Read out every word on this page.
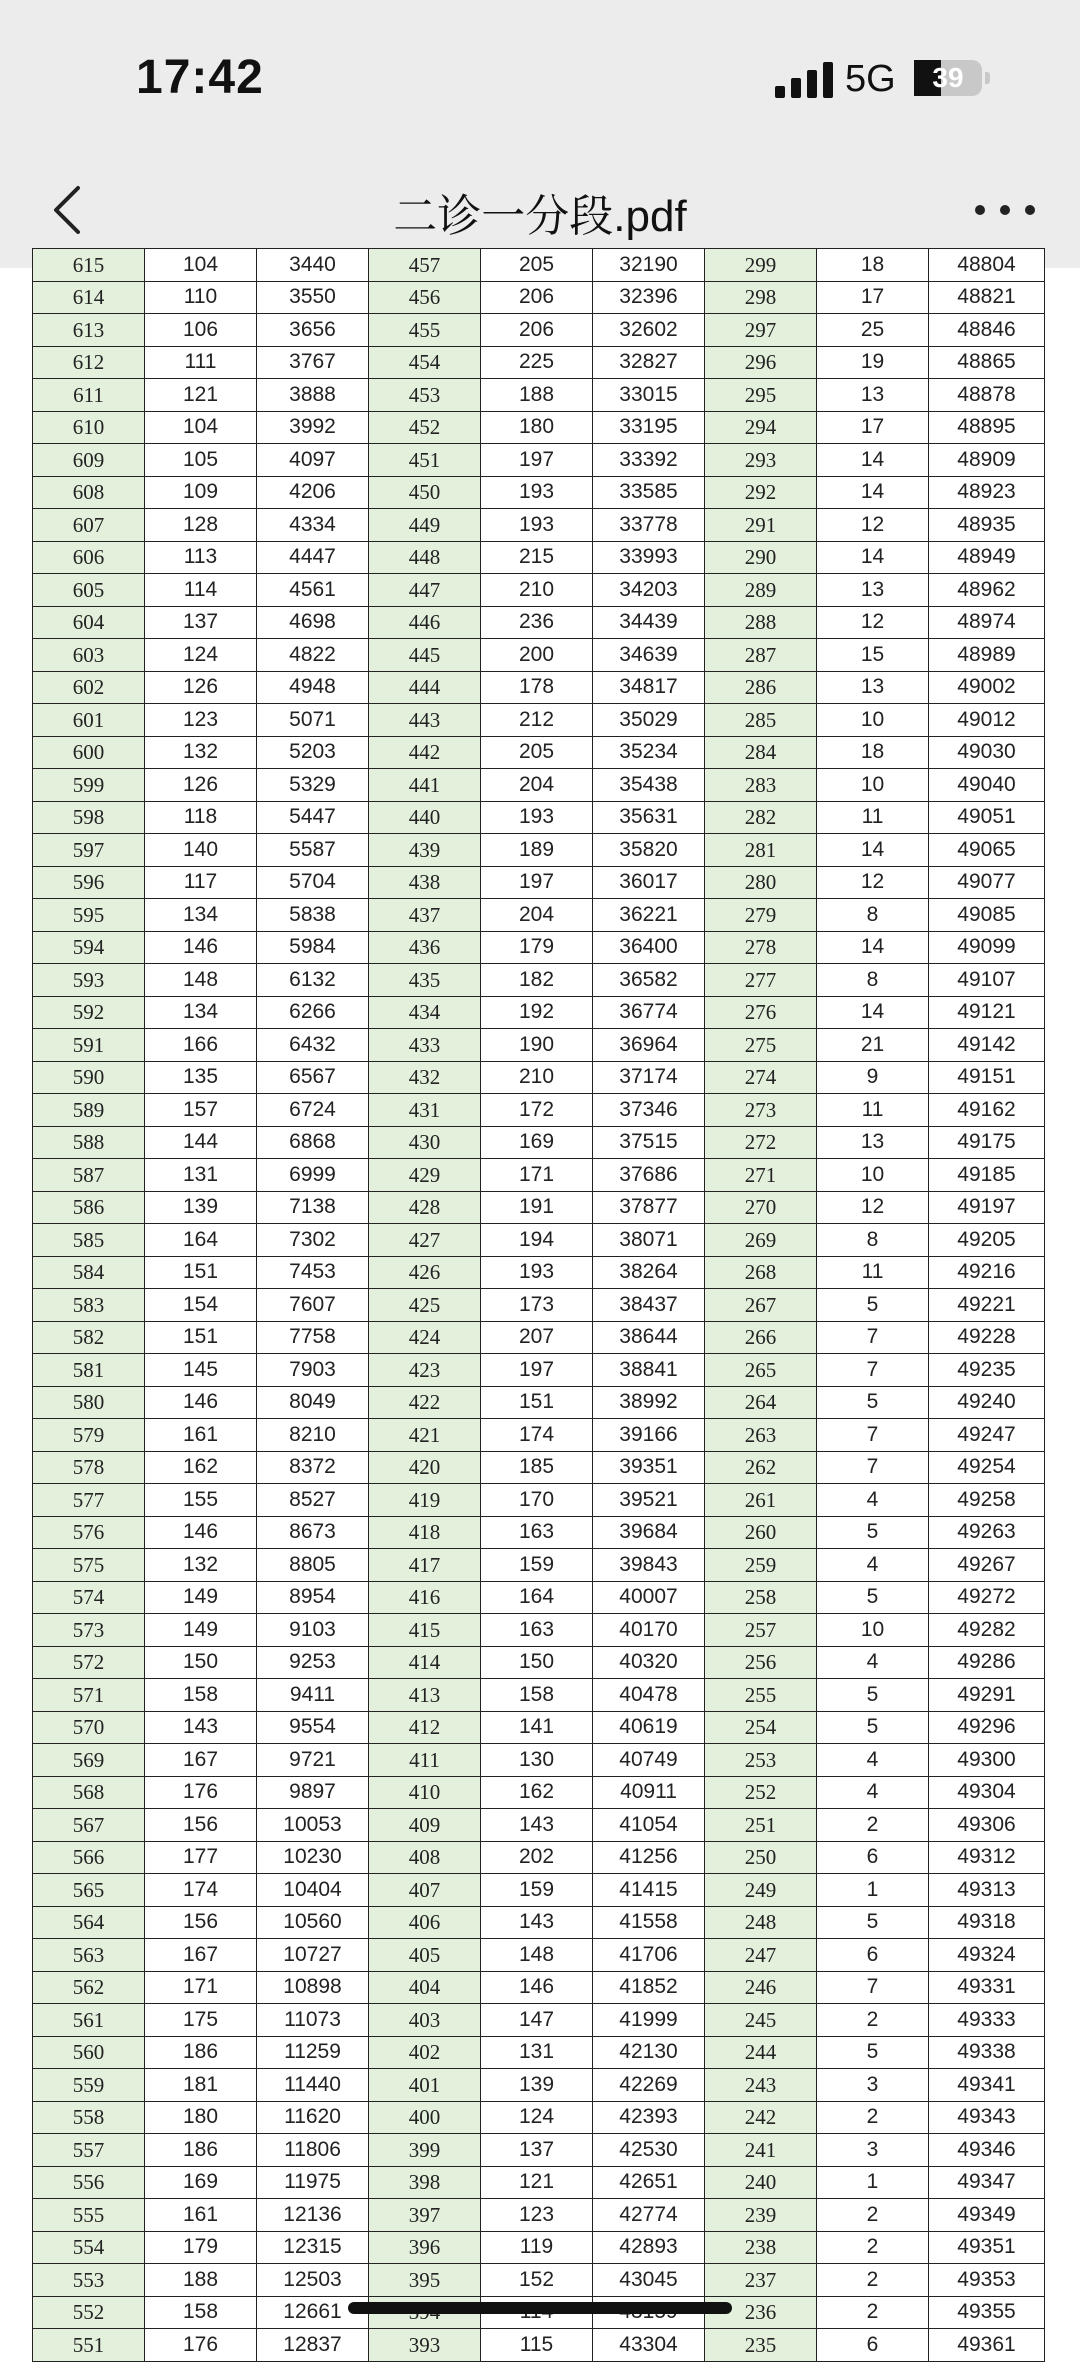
17:42	5G	39
二诊一分段.pdf
615	104	3440	457	205	32190	299	18	48804
614	110	3550	456	206	32396	298	17	48821
613	106	3656	455	206	32602	297	25	48846
612	111	3767	454	225	32827	296	19	48865
611	121	3888	453	188	33015	295	13	48878
610	104	3992	452	180	33195	294	17	48895
609	105	4097	451	197	33392	293	14	48909
608	109	4206	450	193	33585	292	14	48923
607	128	4334	449	193	33778	291	12	48935
606	113	4447	448	215	33993	290	14	48949
605	114	4561	447	210	34203	289	13	48962
604	137	4698	446	236	34439	288	12	48974
603	124	4822	445	200	34639	287	15	48989
602	126	4948	444	178	34817	286	13	49002
601	123	5071	443	212	35029	285	10	49012
600	132	5203	442	205	35234	284	18	49030
599	126	5329	441	204	35438	283	10	49040
598	118	5447	440	193	35631	282	11	49051
597	140	5587	439	189	35820	281	14	49065
596	117	5704	438	197	36017	280	12	49077
595	134	5838	437	204	36221	279	8	49085
594	146	5984	436	179	36400	278	14	49099
593	148	6132	435	182	36582	277	8	49107
592	134	6266	434	192	36774	276	14	49121
591	166	6432	433	190	36964	275	21	49142
590	135	6567	432	210	37174	274	9	49151
589	157	6724	431	172	37346	273	11	49162
588	144	6868	430	169	37515	272	13	49175
587	131	6999	429	171	37686	271	10	49185
586	139	7138	428	191	37877	270	12	49197
585	164	7302	427	194	38071	269	8	49205
584	151	7453	426	193	38264	268	11	49216
583	154	7607	425	173	38437	267	5	49221
582	151	7758	424	207	38644	266	7	49228
581	145	7903	423	197	38841	265	7	49235
580	146	8049	422	151	38992	264	5	49240
579	161	8210	421	174	39166	263	7	49247
578	162	8372	420	185	39351	262	7	49254
577	155	8527	419	170	39521	261	4	49258
576	146	8673	418	163	39684	260	5	49263
575	132	8805	417	159	39843	259	4	49267
574	149	8954	416	164	40007	258	5	49272
573	149	9103	415	163	40170	257	10	49282
572	150	9253	414	150	40320	256	4	49286
571	158	9411	413	158	40478	255	5	49291
570	143	9554	412	141	40619	254	5	49296
569	167	9721	411	130	40749	253	4	49300
568	176	9897	410	162	40911	252	4	49304
567	156	10053	409	143	41054	251	2	49306
566	177	10230	408	202	41256	250	6	49312
565	174	10404	407	159	41415	249	1	49313
564	156	10560	406	143	41558	248	5	49318
563	167	10727	405	148	41706	247	6	49324
562	171	10898	404	146	41852	246	7	49331
561	175	11073	403	147	41999	245	2	49333
560	186	11259	402	131	42130	244	5	49338
559	181	11440	401	139	42269	243	3	49341
558	180	11620	400	124	42393	242	2	49343
557	186	11806	399	137	42530	241	3	49346
556	169	11975	398	121	42651	240	1	49347
555	161	12136	397	123	42774	239	2	49349
554	179	12315	396	119	42893	238	2	49351
553	188	12503	395	152	43045	237	2	49353
552	158	12661				236	2	49355
551	176	12837	393	115	43304	235	6	49361
